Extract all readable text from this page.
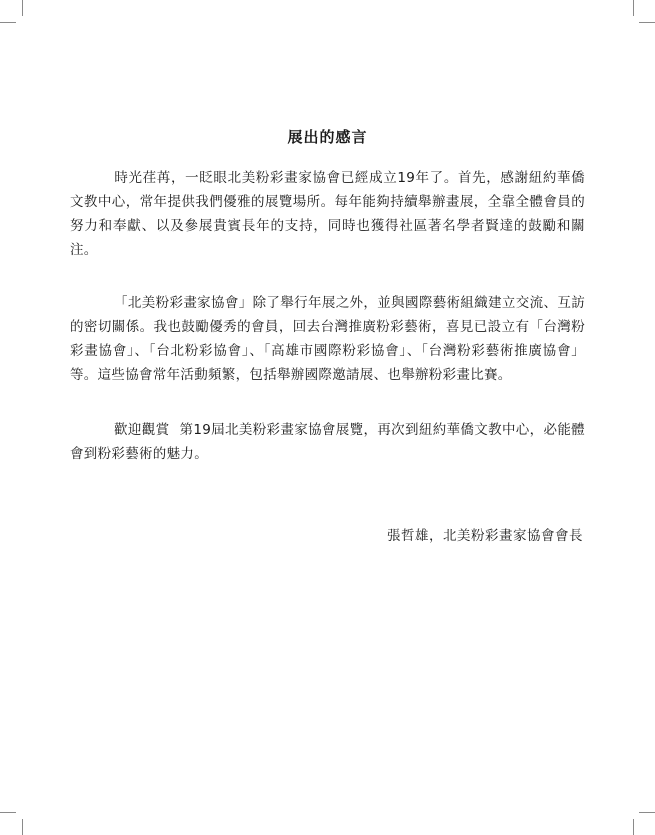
展出的感言

時光荏苒，一眨眼北美粉彩畫家協會已經成立19年了。首先，感謝紐約華僑文教中心，常年提供我們優雅的展覽場所。每年能夠持續舉辦畫展，全靠全體會員的努力和奉獻、以及參展貴賓長年的支持，同時也獲得社區著名學者賢達的鼓勵和關注。

「北美粉彩畫家協會」除了舉行年展之外，並與國際藝術組織建立交流、互訪的密切關係。我也鼓勵優秀的會員，回去台灣推廣粉彩藝術，喜見已設立有「台灣粉彩畫協會」、「台北粉彩協會」、「高雄市國際粉彩協會」、「台灣粉彩藝術推廣協會」等。這些協會常年活動頻繁，包括舉辦國際邀請展、也舉辦粉彩畫比賽。

歡迎觀賞 第19屆北美粉彩畫家協會展覽，再次到紐約華僑文教中心，必能體會到粉彩藝術的魅力。

張哲雄，北美粉彩畫家協會會長
